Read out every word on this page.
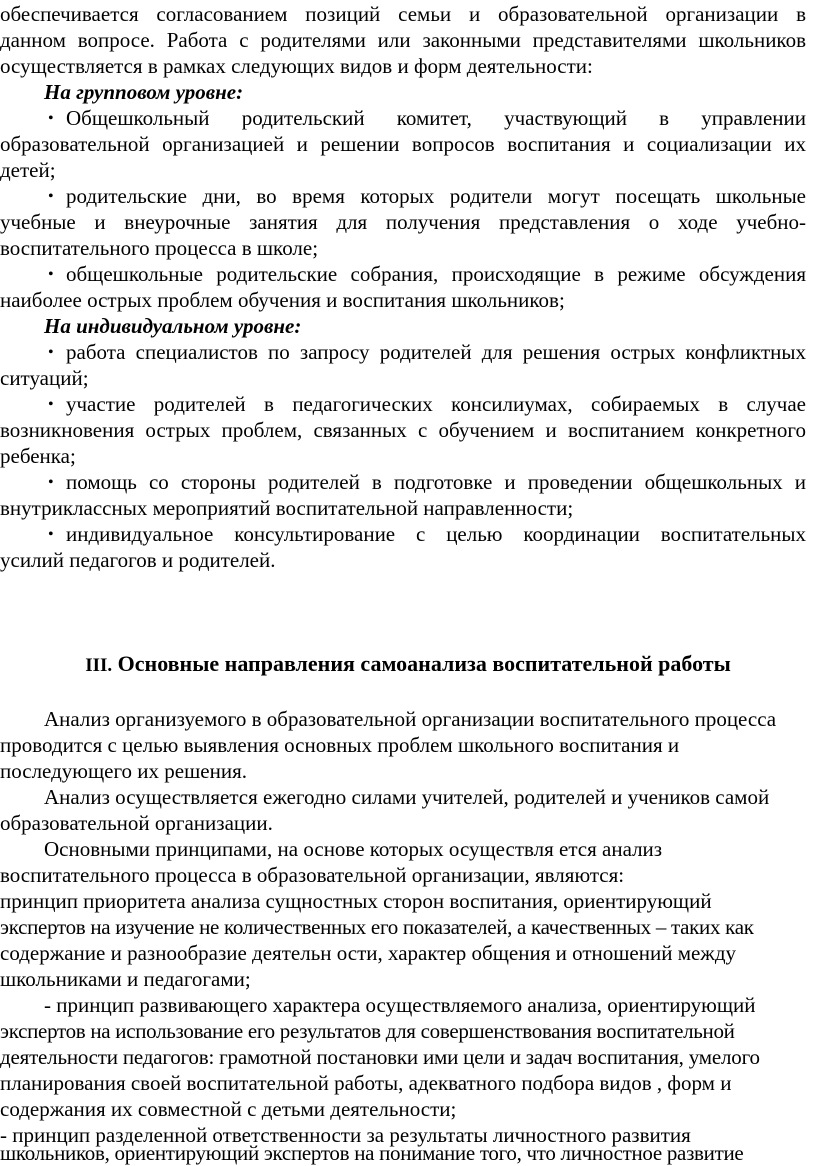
обеспечивается согласованием позиций семьи и образовательной организации в
данном вопросе. Работа с родителями или законными представителями школьников
осуществляется в рамках следующих видов и форм деятельности:
На групповом уровне:
• Общешкольный родительский комитет, участвующий в управлении
образовательной организацией и решении вопросов воспитания и социализации их
детей;
• родительские дни, во время которых родители могут посещать школьные
учебные и внеурочные занятия для получения представления о ходе учебно-
воспитательного процесса в школе;
• общешкольные родительские собрания, происходящие в режиме обсуждения
наиболее острых проблем обучения и воспитания школьников;
На индивидуальном уровне:
• работа специалистов по запросу родителей для решения острых конфликтных
ситуаций;
• участие родителей в педагогических консилиумах, собираемых в случае
возникновения острых проблем, связанных с обучением и воспитанием конкретного
ребенка;
• помощь со стороны родителей в подготовке и проведении общешкольных и
внутриклассных мероприятий воспитательной направленности;
• индивидуальное консультирование с целью координации воспитательных
усилий педагогов и родителей.
III. Основные направления самоанализа воспитательной работы
Анализ организуемого в образовательной организации воспитательного процесса
проводится с целью выявления основных проблем школьного воспитания и
последующего их решения.
Анализ осуществляется ежегодно силами учителей, родителей и учеников самой
образовательной организации.
Основными принципами, на основе которых осуществля ется анализ
воспитательного процесса в образовательной организации, являются:
принцип приоритета анализа сущностных сторон воспитания, ориентирующий
экспертов на изучение не количественных его показателей, а качественных – таких как
содержание и разнообразие деятельн ости, характер общения и отношений между
школьниками и педагогами;
- принцип развивающего характера осуществляемого анализа, ориентирующий
экспертов на использование его результатов для совершенствования воспитательной
деятельности педагогов: грамотной постановки ими цели и задач воспитания, умелого
планирования своей воспитательной работы, адекватного подбора видов , форм и
содержания их совместной с детьми деятельности;
- принцип разделенной ответственности за результаты личностного развития
школьников, ориентирующий экспертов на понимание того, что личностное развитие
